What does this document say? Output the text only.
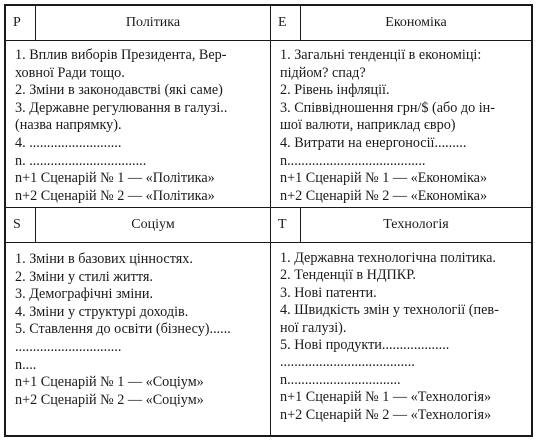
P	Політика	E	Економіка
1. Вплив виборів Президента, Вер-
ховної Ради тощо.
2. Зміни в законодавстві (які саме)
3. Державне регулювання в галузі..
(назва напрямку).
4. ..........................
n. .................................
n+1 Сценарій № 1 — «Політика»
n+2 Сценарій № 2 — «Політика»
1. Загальні тенденції в економіці:
підйом? спад?
2. Рівень інфляції.
3. Співвідношення грн/$ (або до ін-
шої валюти, наприклад євро)
4. Витрати на енергоносії.........
n.......................................
n+1 Сценарій № 1 — «Економіка»
n+2 Сценарій № 2 — «Економіка»
S	Соціум	T	Технологія
1. Зміни в базових цінностях.
2. Зміни у стилі життя.
3. Демографічні зміни.
4. Зміни у структурі доходів.
5. Ставлення до освіти (бізнесу)......
..............................
n....
n+1 Сценарій № 1 — «Соціум»
n+2 Сценарій № 2 — «Соціум»
1. Державна технологічна політика.
2. Тенденції в НДПКР.
3. Нові патенти.
4. Швидкість змін у технології (пев-
ної галузі).
5. Нові продукти...................
......................................
n................................
n+1 Сценарій № 1 — «Технологія»
n+2 Сценарій № 2 — «Технологія»
